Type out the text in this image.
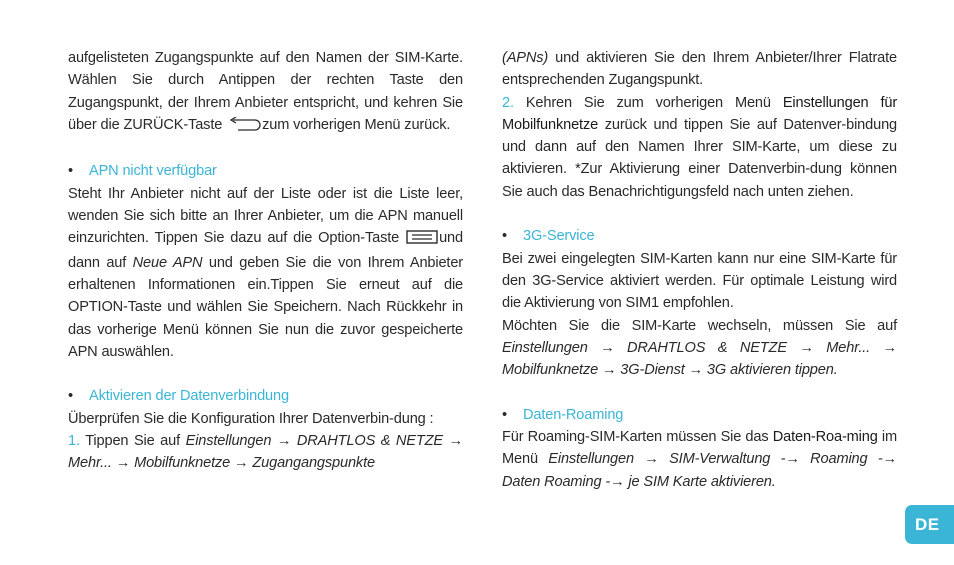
aufgelisteten Zugangspunkte auf den Namen der SIM-Karte. Wählen Sie durch Antippen der rechten Taste den Zugangspunkt, der Ihrem Anbieter entspricht, und kehren Sie über die ZURÜCK-Taste	zum vorherigen Menü zurück.

• APN nicht verfügbar

Steht Ihr Anbieter nicht auf der Liste oder ist die Liste leer, wenden Sie sich bitte an Ihrer Anbieter, um die APN manuell einzurichten. Tippen Sie dazu auf die Option-Taste	und dann auf Neue APN und geben Sie die von Ihrem Anbieter erhaltenen Informationen ein.Tippen Sie erneut auf die OPTION-Taste und wählen Sie Speichern. Nach Rückkehr in das vorherige Menü können Sie nun die zuvor gespeicherte APN auswählen.

• Aktivieren der Datenverbindung

Überprüfen Sie die Konfiguration Ihrer Datenverbin-dung :

1. Tippen Sie auf Einstellungen → DRAHTLOS & NETZE → Mehr... → Mobilfunknetze → Zugangangspunkte

(APNs) und aktivieren Sie den Ihrem Anbieter/Ihrer Flatrate entsprechenden Zugangspunkt.

2. Kehren Sie zum vorherigen Menü Einstellungen für Mobilfunknetze zurück und tippen Sie auf Datenver-bindung und dann auf den Namen Ihrer SIM-Karte, um diese zu aktivieren. *Zur Aktivierung einer Datenverbin-dung können Sie auch das Benachrichtigungsfeld nach unten ziehen.

• 3G-Service

Bei zwei eingelegten SIM-Karten kann nur eine SIM-Karte für den 3G-Service aktiviert werden. Für optimale Leistung wird die Aktivierung von SIM1 empfohlen.

Möchten Sie die SIM-Karte wechseln, müssen Sie auf Einstellungen → DRAHTLOS & NETZE → Mehr... → Mobilfunknetze → 3G-Dienst → 3G aktivieren tippen.

• Daten-Roaming

Für Roaming-SIM-Karten müssen Sie das Daten-Roa-ming im Menü Einstellungen → SIM-Verwaltung -→ Roaming -→ Daten Roaming -→ je SIM Karte aktivieren.

DE
